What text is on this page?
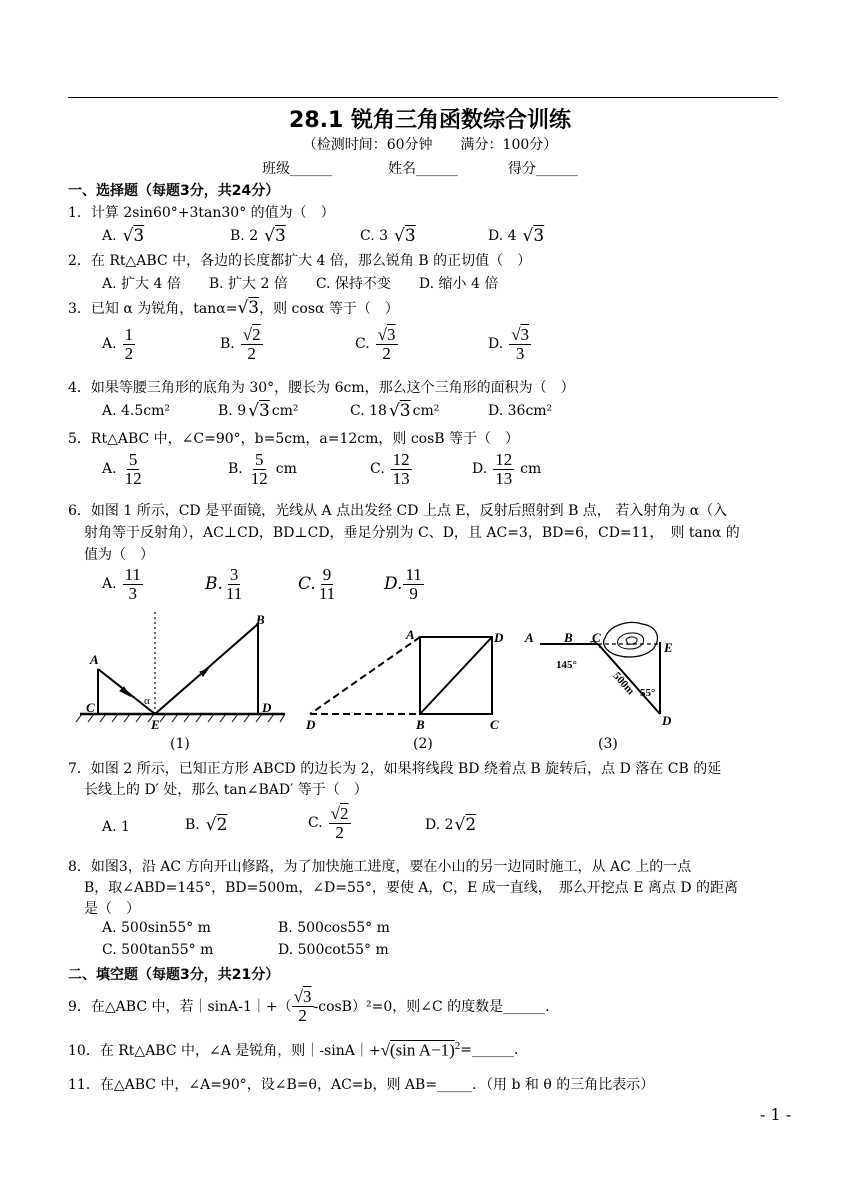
28.1 锐角三角函数综合训练
（检测时间：60分钟　　满分：100分）
班级______	姓名______	得分______
一、选择题（每题3分，共24分）
1．计算 2sin60°+3tan30° 的值为（　）
A. √3	B. 2 √3	C. 3 √3	D. 4 √3
2．在 Rt△ABC 中，各边的长度都扩大 4 倍，那么锐角 B 的正切值（　）
A. 扩大 4 倍　　B. 扩大 2 倍　　C. 保持不变　　D. 缩小 4 倍
3．已知 α 为锐角，tanα= √3 ，则 cosα 等于（　）
A. $\frac{1}{2}$	B. $\frac{√2}{2}$	C. $\frac{√3}{2}$	D. $\frac{√3}{3}$
4．如果等腰三角形的底角为 30°，腰长为 6cm，那么这个三角形的面积为（　）
A. 4.5cm²	B. 9 √3 cm²	C. 18 √3 cm²	D. 36cm²
5．Rt△ABC 中，∠C=90°，b=5cm，a=12cm，则 cosB 等于（　）
A. $\frac{5}{12}$	B. $\frac{5}{12}$ cm	C. $\frac{12}{13}$	D. $\frac{12}{13}$ cm
6．如图 1 所示，CD 是平面镜，光线从 A 点出发经 CD 上点 E，反射后照射到 B 点， 若入射角为 α（入
射角等于反射角），AC⊥CD，BD⊥CD，垂足分别为 C、D，且 AC=3，BD=6，CD=11，　则 tanα 的
值为（　）
A. $\frac{11}{3}$	B. $\frac{3}{11}$	C. $\frac{9}{11}$	D. $\frac{11}{9}$
A
C
E
B
D
α
A	D
B	C
D
A B C
E
D
145°
500m 55°
(1)	(2)	(3)
7．如图 2 所示，已知正方形 ABCD 的边长为 2，如果将线段 BD 绕着点 B 旋转后，点 D 落在 CB 的延
长线上的 D′ 处，那么 tan∠BAD′ 等于（　）
A. 1	B. √2	C. $\frac{√2}{2}$	D. 2 √2
8．如图3，沿 AC 方向开山修路，为了加快施工进度，要在小山的另一边同时施工，从 AC 上的一点
B，取∠ABD=145°，BD=500m，∠D=55°，要使 A，C，E 成一直线，　那么开挖点 E 离点 D 的距离
是（　）
A. 500sin55° m	B. 500cos55° m
C. 500tan55° m	D. 500cot55° m
二、填空题（每题3分，共21分）
9．在△ABC 中，若｜sinA-1｜+（ $\frac{√3}{2} -\cos B)^2=0$，则∠C 的度数是______.
10．在 Rt△ABC 中，∠A 是锐角，则｜-sinA｜+ √(sin A−1)$^2$ =______.
11．在△ABC 中，∠A=90°，设∠B=θ，AC=b，则 AB=_____．（用 b 和 θ 的三角比表示）
- 1 -
